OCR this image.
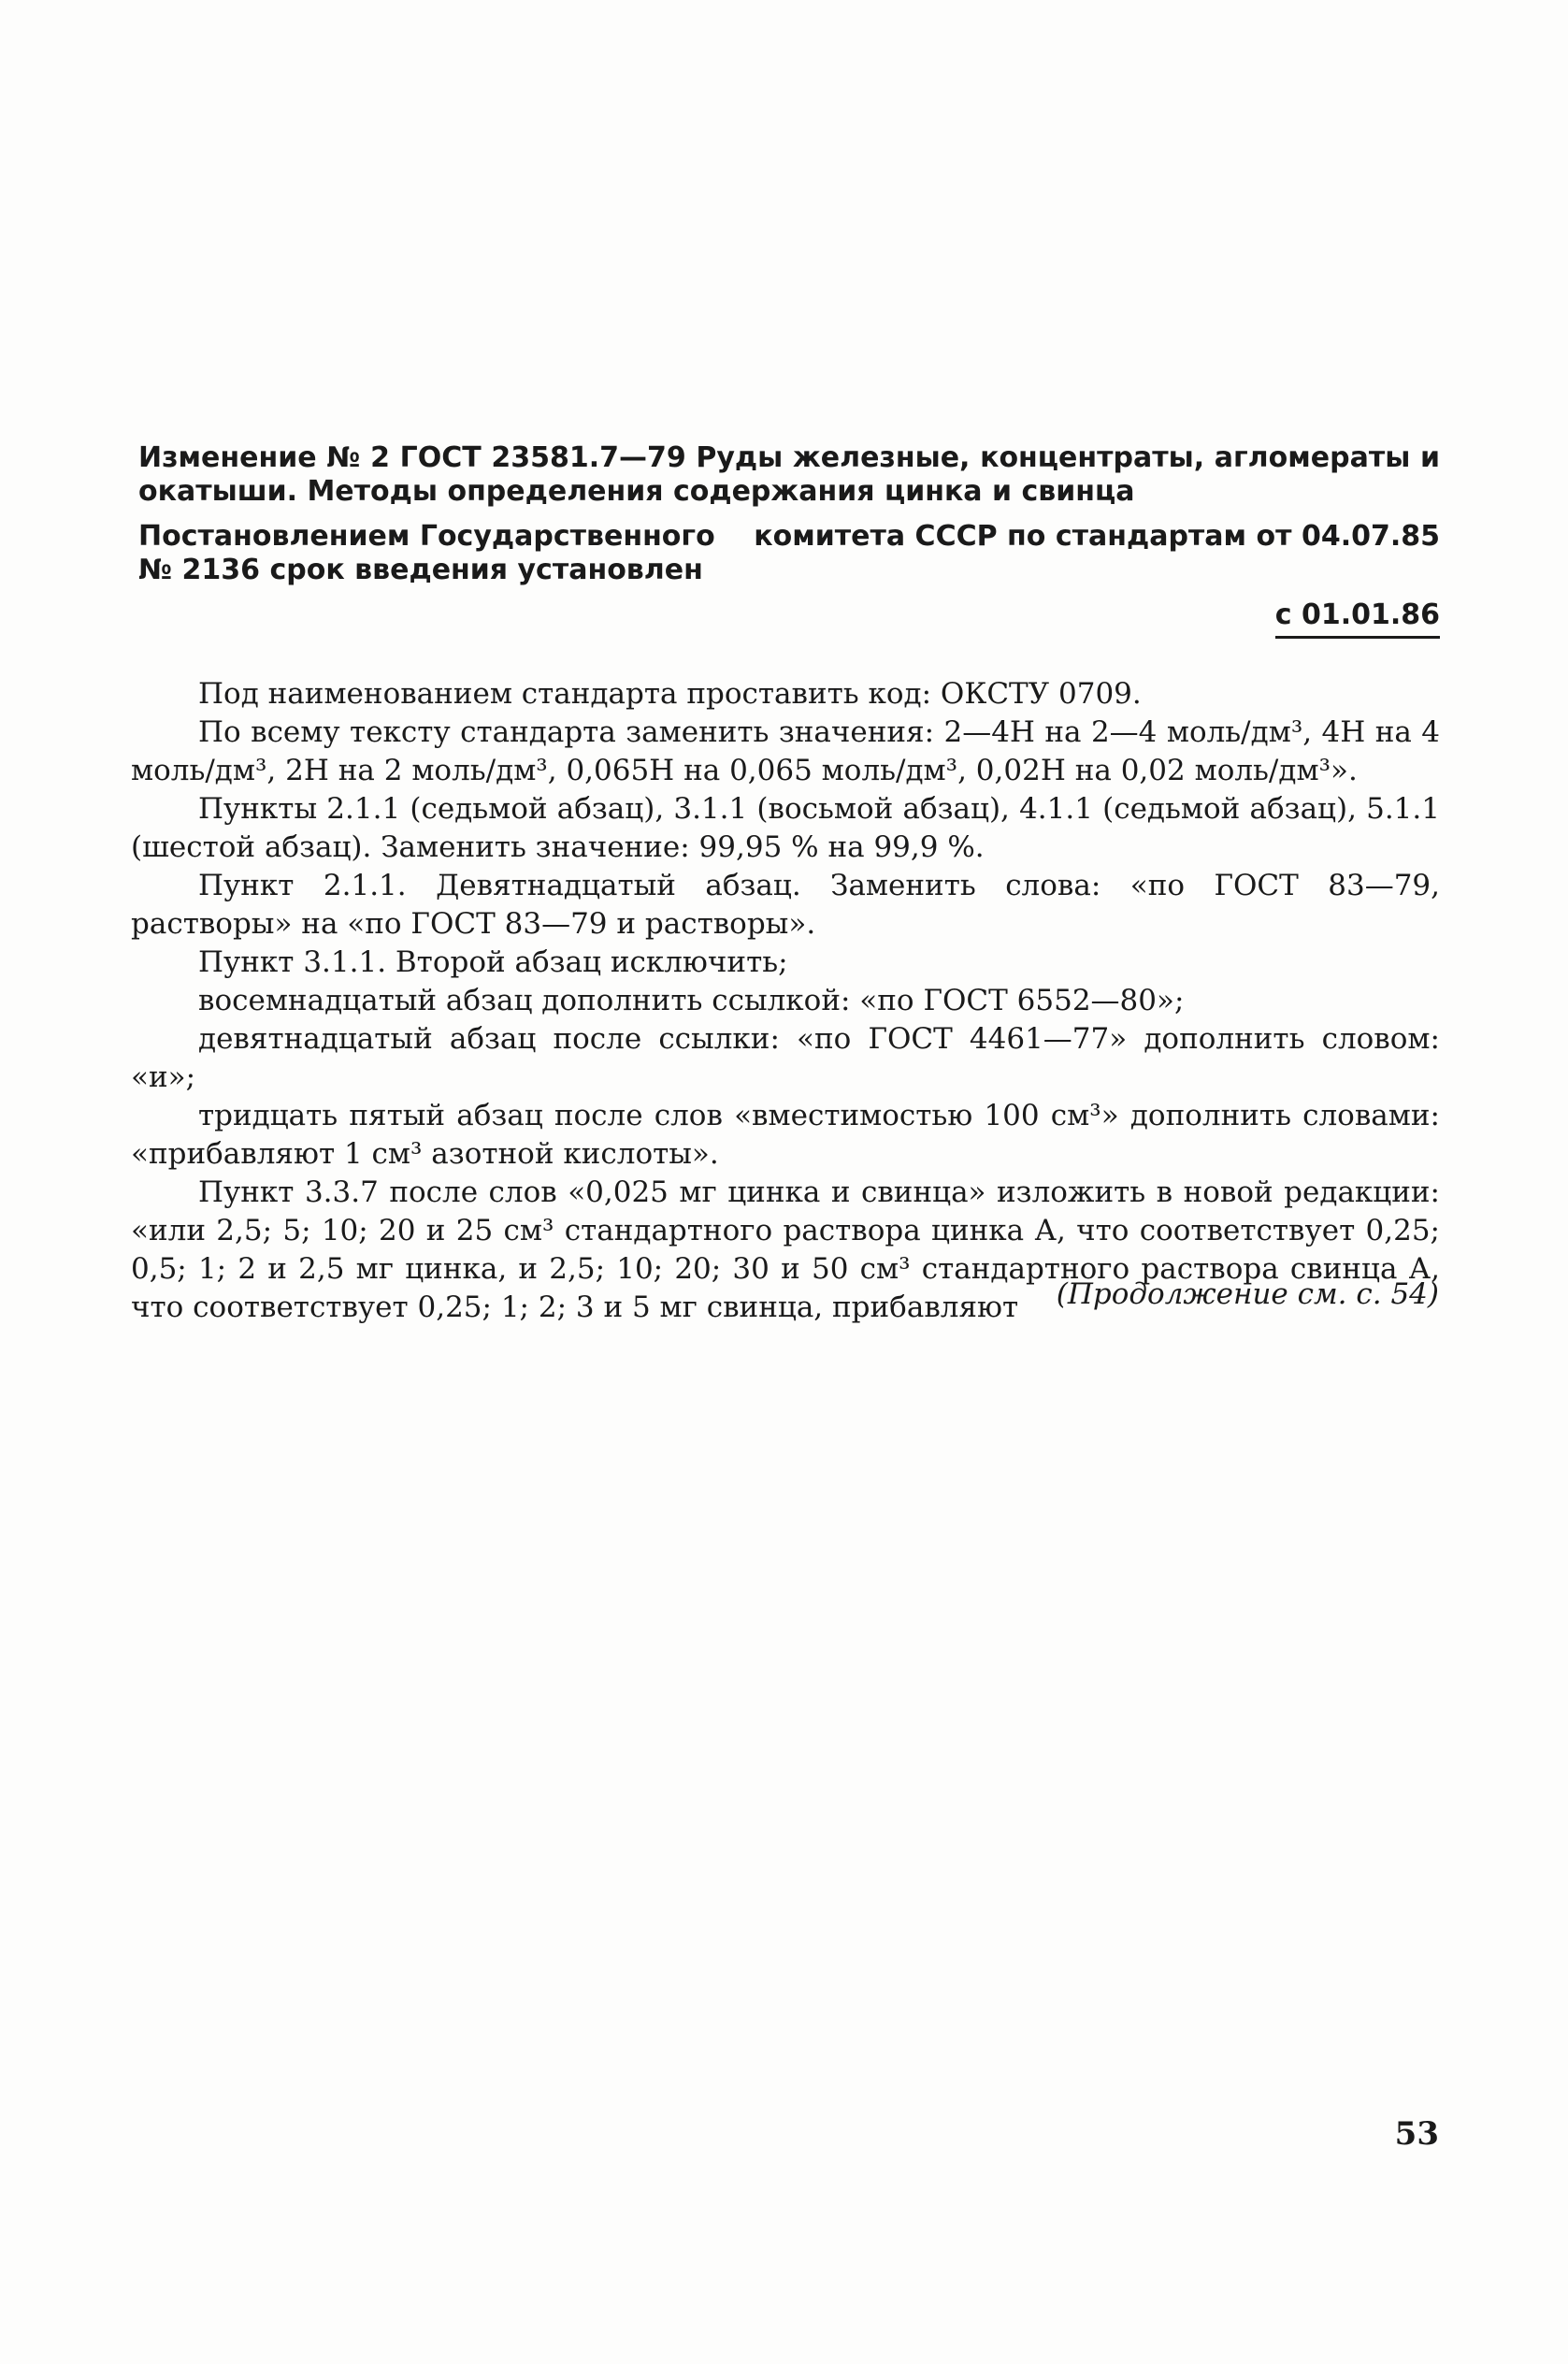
Изменение № 2 ГОСТ 23581.7—79 Руды железные, концентраты, агломераты и окатыши. Методы определения содержания цинка и свинца

Постановлением Государственного № 2136 срок введения установлен
комитета СССР по стандартам от 04.07.85
с 01.01.86

Под наименованием стандарта проставить код: ОКСТУ 0709.

По всему тексту стандарта заменить значения: 2—4Н на 2—4 моль/дм³, 4Н на 4 моль/дм³, 2Н на 2 моль/дм³, 0,065Н на 0,065 моль/дм³, 0,02Н на 0,02 моль/дм³».

Пункты 2.1.1 (седьмой абзац), 3.1.1 (восьмой абзац), 4.1.1 (седьмой абзац), 5.1.1 (шестой абзац). Заменить значение: 99,95 % на 99,9 %.

Пункт 2.1.1. Девятнадцатый абзац. Заменить слова: «по ГОСТ 83—79, растворы» на «по ГОСТ 83—79 и растворы».

Пункт 3.1.1. Второй абзац исключить;

восемнадцатый абзац дополнить ссылкой: «по ГОСТ 6552—80»;

девятнадцатый абзац после ссылки: «по ГОСТ 4461—77» дополнить словом: «и»;

тридцать пятый абзац после слов «вместимостью 100 см³» дополнить словами: «прибавляют 1 см³ азотной кислоты».

Пункт 3.3.7 после слов «0,025 мг цинка и свинца» изложить в новой редакции: «или 2,5; 5; 10; 20 и 25 см³ стандартного раствора цинка А, что соответствует 0,25; 0,5; 1; 2 и 2,5 мг цинка, и 2,5; 10; 20; 30 и 50 см³ стандартного раствора свинца А, что соответствует 0,25; 1; 2; 3 и 5 мг свинца, прибавляют	(Продолжение см. с. 54)
53
